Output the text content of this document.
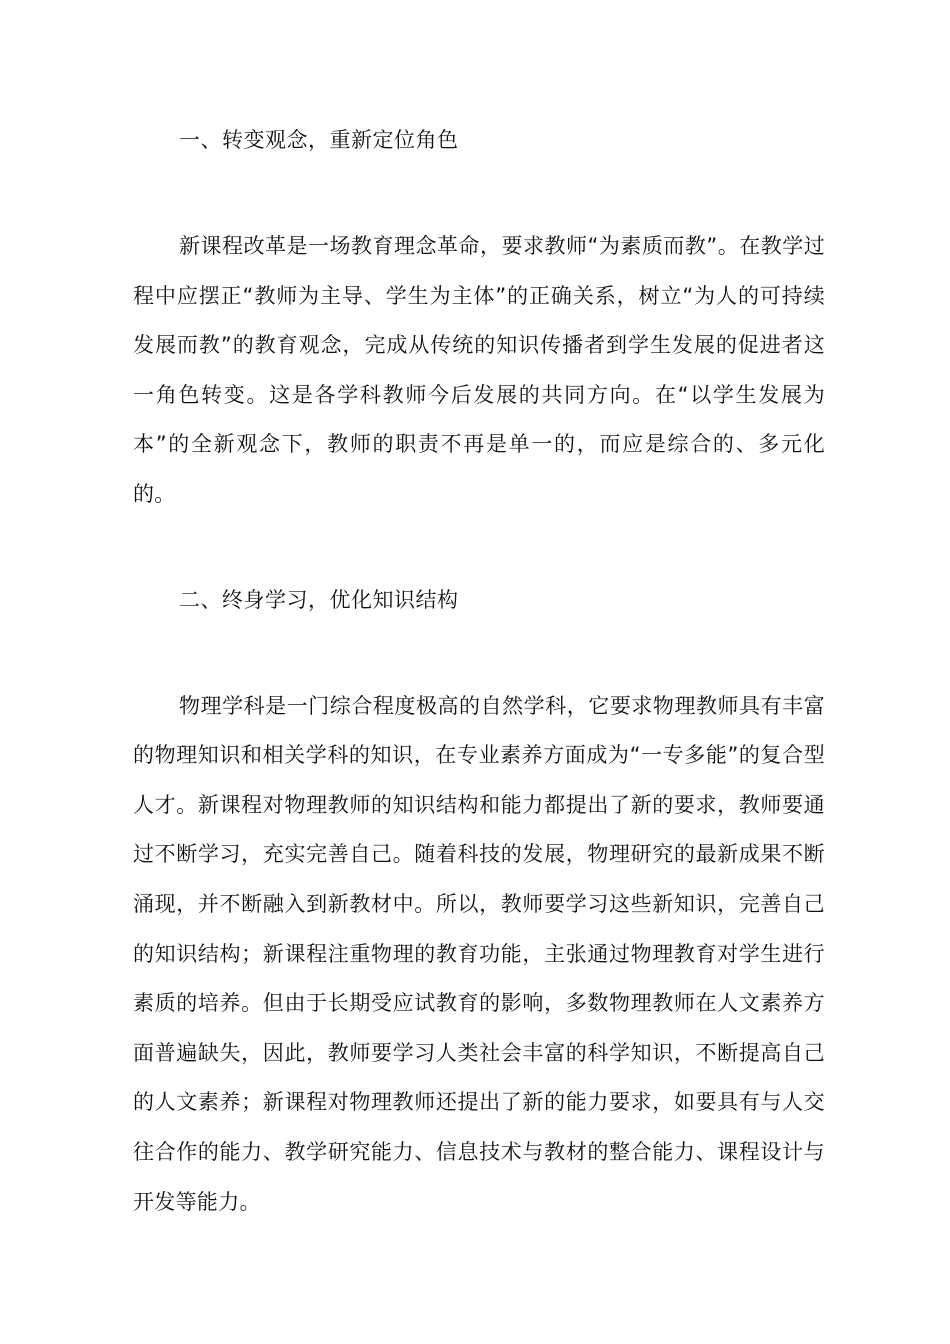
一、转变观念，重新定位角色

新课程改革是一场教育理念革命，要求教师“为素质而教”。在教学过程中应摆正“教师为主导、学生为主体”的正确关系，树立“为人的可持续发展而教”的教育观念，完成从传统的知识传播者到学生发展的促进者这一角色转变。这是各学科教师今后发展的共同方向。在“以学生发展为本”的全新观念下，教师的职责不再是单一的，而应是综合的、多元化的。

二、终身学习，优化知识结构

物理学科是一门综合程度极高的自然学科，它要求物理教师具有丰富的物理知识和相关学科的知识，在专业素养方面成为“一专多能”的复合型人才。新课程对物理教师的知识结构和能力都提出了新的要求，教师要通过不断学习，充实完善自己。随着科技的发展，物理研究的最新成果不断涌现，并不断融入到新教材中。所以，教师要学习这些新知识，完善自己的知识结构；新课程注重物理的教育功能，主张通过物理教育对学生进行素质的培养。但由于长期受应试教育的影响，多数物理教师在人文素养方面普遍缺失，因此，教师要学习人类社会丰富的科学知识，不断提高自己的人文素养；新课程对物理教师还提出了新的能力要求，如要具有与人交往合作的能力、教学研究能力、信息技术与教材的整合能力、课程设计与开发等能力。
